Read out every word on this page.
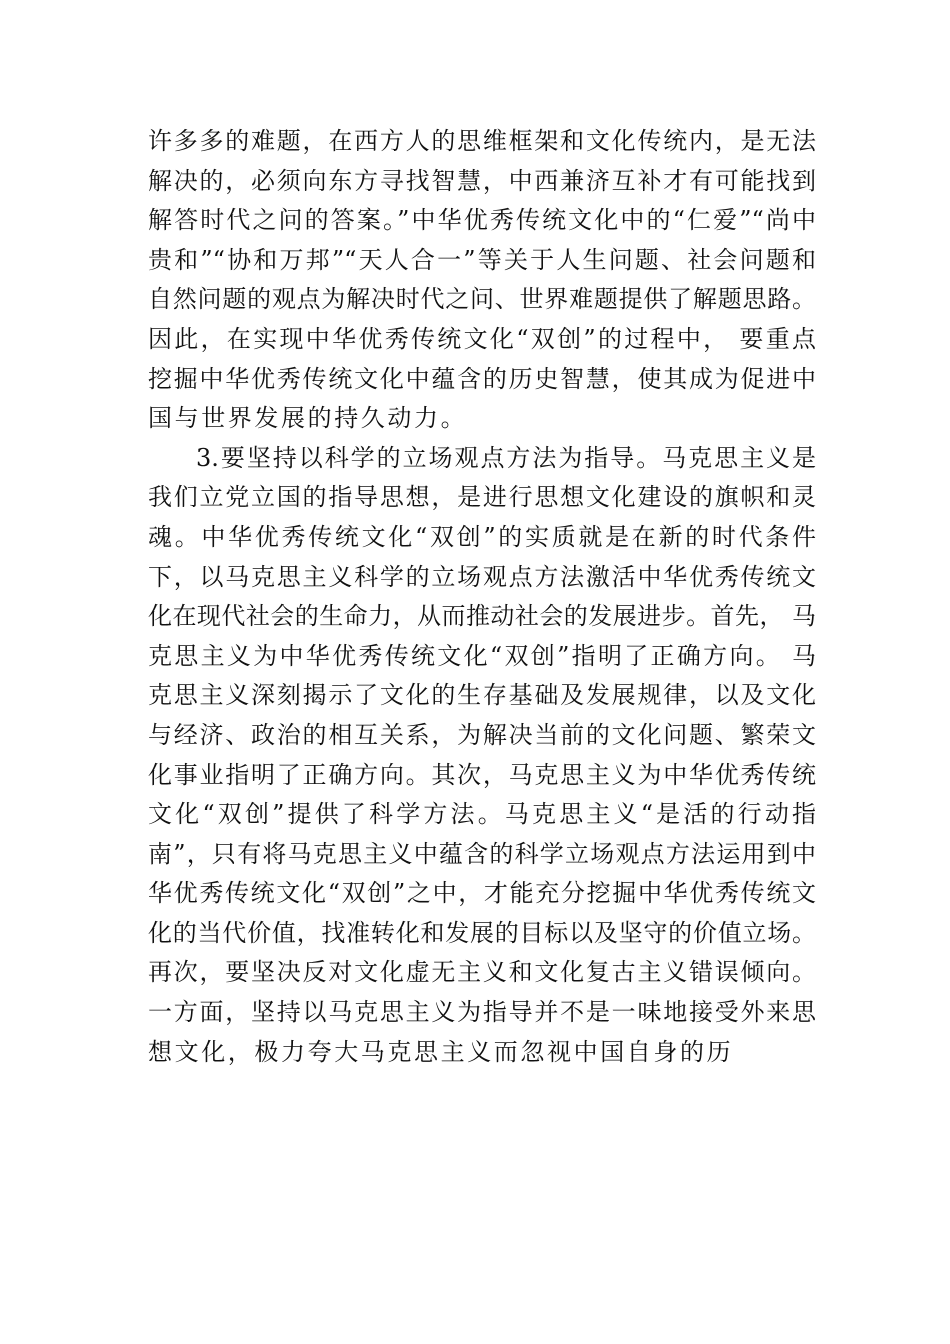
许多多的难题，在西方人的思维框架和文化传统内，是无法
解决的，必须向东方寻找智慧，中西兼济互补才有可能找到
解答时代之问的答案。”中华优秀传统文化中的“仁爱”“尚中
贵和”“协和万邦”“天人合一”等关于人生问题、社会问题和
自然问题的观点为解决时代之问、世界难题提供了解题思路。
因此，在实现中华优秀传统文化“双创”的过程中， 要重点
挖掘中华优秀传统文化中蕴含的历史智慧，使其成为促进中
国与世界发展的持久动力。
3.要坚持以科学的立场观点方法为指导。马克思主义是
我们立党立国的指导思想，是进行思想文化建设的旗帜和灵
魂。中华优秀传统文化“双创”的实质就是在新的时代条件
下，以马克思主义科学的立场观点方法激活中华优秀传统文
化在现代社会的生命力，从而推动社会的发展进步。首先， 马
克思主义为中华优秀传统文化“双创”指明了正确方向。 马
克思主义深刻揭示了文化的生存基础及发展规律，以及文化
与经济、政治的相互关系，为解决当前的文化问题、繁荣文
化事业指明了正确方向。其次，马克思主义为中华优秀传统
文化“双创”提供了科学方法。马克思主义“是活的行动指
南”，只有将马克思主义中蕴含的科学立场观点方法运用到中
华优秀传统文化“双创”之中，才能充分挖掘中华优秀传统文
化的当代价值，找准转化和发展的目标以及坚守的价值立场。
再次，要坚决反对文化虚无主义和文化复古主义错误倾向。
一方面，坚持以马克思主义为指导并不是一味地接受外来思
想文化，极力夸大马克思主义而忽视中国自身的历
